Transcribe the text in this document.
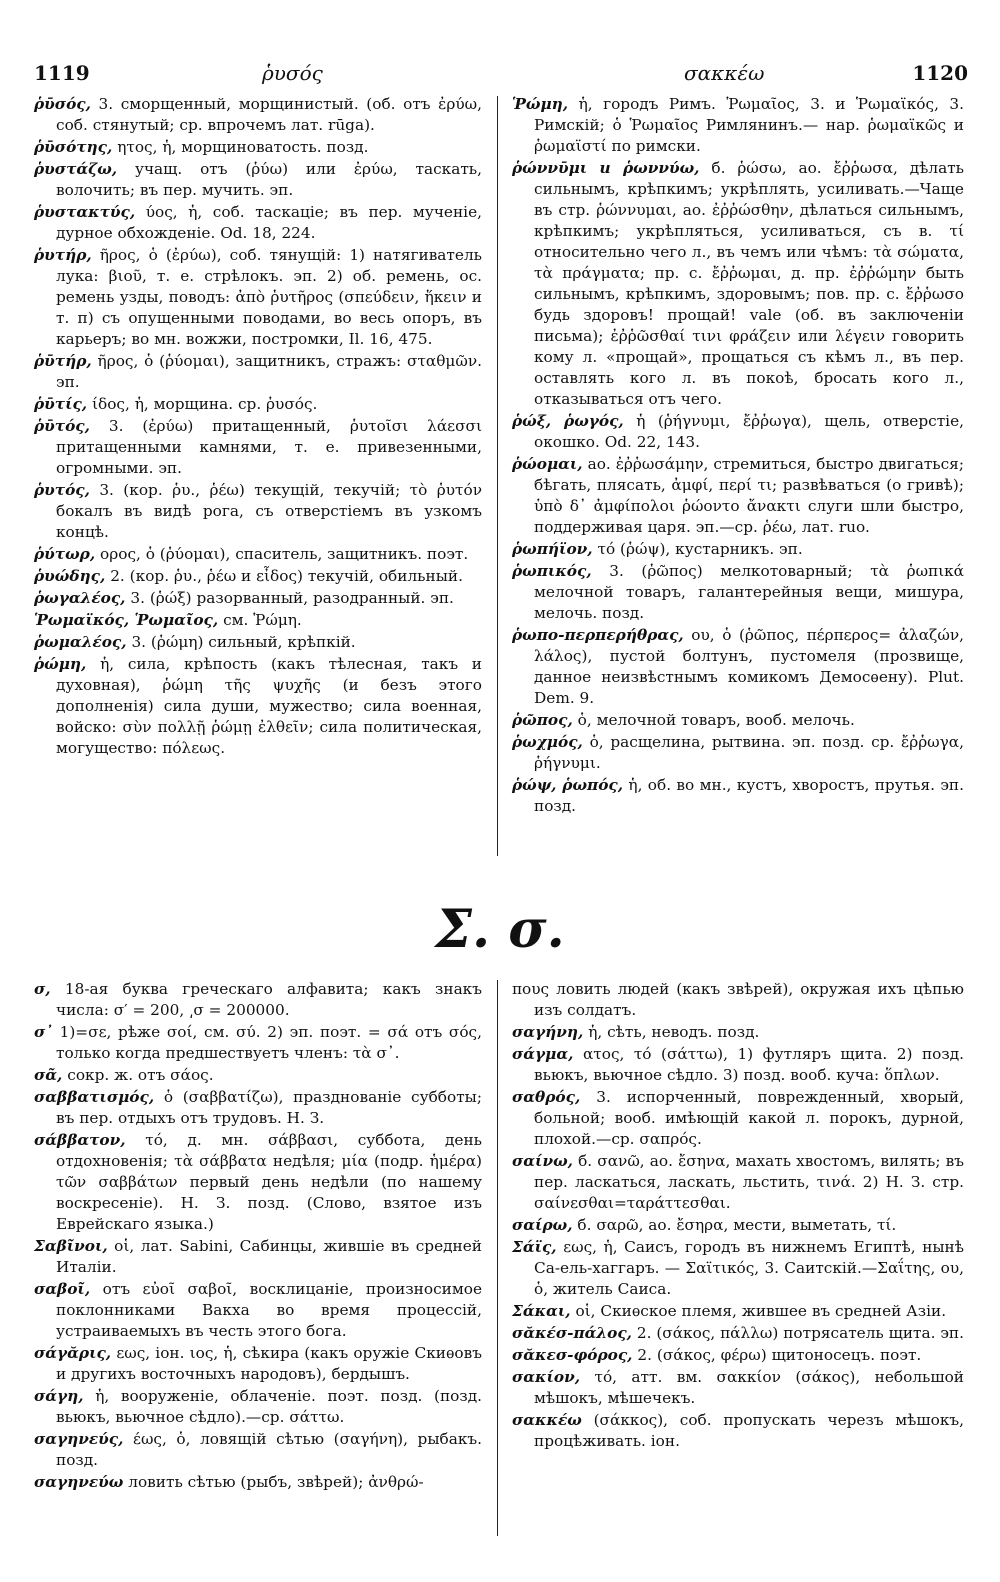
1119	ῥυσός	σακκέω	1120

ῥῡσός, 3. сморщенный, морщинистый. (об. отъ ἐρύω, соб. стянутый; ср. впрочемъ лат. rūga).

ῥῡσότης, ητος, ἡ, морщиноватость. позд.

ῥυστάζω, учащ. отъ (ῥύω) или ἐρύω, таскать, волочить; въ пер. мучить. эп.

ῥυστακτύς, ύος, ἡ, соб. таскаціе; въ пер. мученіе, дурное обхожденіе. Od. 18, 224.

ῥυτήρ, ῆρος, ὁ (ἐρύω), соб. тянущій: 1) натягиватель лука: βιοῦ, т. е. стрѣлокъ. эп. 2) об. ремень, ос. ремень узды, поводъ: ἀπὸ ῥυτῆρος (σπεύδειν, ἥκειν и т. п) съ опущенными поводами, во весь опоръ, въ карьеръ; во мн. вожжи, постромки, Il. 16, 475.

ῥῡτήρ, ῆρος, ὁ (ῥύομαι), защитникъ, стражъ: σταθμῶν. эп.

ῥῡτίς, ίδος, ἡ, морщина. ср. ῥυσός.

ῥῡτός, 3. (ἐρύω) притащенный, ῥυτοῖσι λάεσσι притащенными камнями, т. е. привезенными, огромными. эп.

ῥυτός, 3. (кор. ῥυ., ῥέω) текущій, текучій; τὸ ῥυτόν бокалъ въ видѣ рога, съ отверстіемъ въ узкомъ концѣ.

ῥύτωρ, ορος, ὁ (ῥύομαι), спаситель, защитникъ. поэт.

ῥυώδης, 2. (кор. ῥυ., ῥέω и εἶδος) текучій, обильный.

ῥωγαλέος, 3. (ῥώξ) разорванный, разодранный. эп.

Ῥωμαϊκός, Ῥωμαῖος, см. Ῥώμη.

ῥωμαλέος, 3. (ῥώμη) сильный, крѣпкій.

ῥώμη, ἡ, сила, крѣпость (какъ тѣлесная, такъ и духовная), ῥώμη τῆς ψυχῆς (и безъ этого дополненія) сила души, мужество; сила военная, войско: σὺν πολλῇ ῥώμῃ ἐλθεῖν; сила политическая, могущество: πόλεως.

Ῥώμη, ἡ, городъ Римъ. Ῥωμαῖος, 3. и Ῥωμαϊκός, 3. Римскій; ὁ Ῥωμαῖος Римлянинъ.— нар. ῥωμαϊκῶς и ῥωμαϊστί по римски.

ῥώννῡμι и ῥωννύω, б. ῥώσω, ао. ἔῤῥωσα, дѣлать сильнымъ, крѣпкимъ; укрѣплять, усиливать.—Чаще въ стр. ῥώννυμαι, ао. ἐῤῥώσθην, дѣлаться сильнымъ, крѣпкимъ; укрѣпляться, усиливаться, съ в. τί относительно чего л., въ чемъ или чѣмъ: τὰ σώματα, τὰ πράγματα; пр. с. ἔῤῥωμαι, д. пр. ἐῤῥώμην быть сильнымъ, крѣпкимъ, здоровымъ; пов. пр. с. ἔῤῥωσο будь здоровъ! прощай! vale (об. въ заключеніи письма); ἐῤῥῶσθαί τινι φράζειν или λέγειν говорить кому л. «прощай», прощаться съ кѣмъ л., въ пер. оставлять кого л. въ покоѣ, бросать кого л., отказываться отъ чего.

ῥώξ, ῥωγός, ἡ (ῥήγνυμι, ἔῤῥωγα), щель, отверстіе, окошко. Od. 22, 143.

ῥώομαι, ао. ἐῤῥωσάμην, стремиться, быстро двигаться; бѣгать, плясать, ἀμφί, περί τι; развѣваться (о гривѣ); ὑπὸ δ᾽ ἀμφίπολοι ῥώοντο ἄνακτι слуги шли быстро, поддерживая царя. эп.—ср. ῥέω, лат. ruo.

ῥωπήϊον, τό (ῥώψ), кустарникъ. эп.

ῥωπικός, 3. (ῥῶπος) мелкотоварный; τὰ ῥωπικά мелочной товаръ, галантерейныя вещи, мишура, мелочь. позд.

ῥωπο-περπερήθρας, ου, ὁ (ῥῶπος, πέρπερος= ἀλαζών, λάλος), пустой болтунъ, пустомеля (прозвище, данное неизвѣстнымъ комикомъ Демосѳену). Plut. Dem. 9.

ῥῶπος, ὁ, мелочной товаръ, вооб. мелочь.

ῥωχμός, ὁ, расщелина, рытвина. эп. позд. ср. ἔῤῥωγα, ῥήγνυμι.

ῥώψ, ῥωπός, ἡ, об. во мн., кустъ, хворостъ, прутья. эп. позд.

Σ. σ.

σ, 18-ая буква греческаго алфавита; какъ знакъ числа: σ′ = 200, ͵σ = 200000.

σ᾽ 1)=σε, рѣже σοί, см. σύ. 2) эп. поэт. = σά отъ σός, только когда предшествуетъ членъ: τὰ σ᾽.

σᾶ, сокр. ж. отъ σάος.

σαββατισμός, ὁ (σαββατίζω), празднованіе субботы; въ пер. отдыхъ отъ трудовъ. Н. З.

σάββατον, τό, д. мн. σάββασι, суббота, день отдохновенія; τὰ σάββατα недѣля; μία (подр. ἡμέρα) τῶν σαββάτων первый день недѣли (по нашему воскресеніе). Н. З. позд. (Слово, взятое изъ Еврейскаго языка.)

Σαβῖνοι, οἱ, лат. Sabini, Сабинцы, жившіе въ средней Италіи.

σαβοῖ, отъ εὐοῖ σαβοῖ, восклицаніе, произносимое поклонниками Вакха во время процессій, устраиваемыхъ въ честь этого бога.

σάγᾰρις, εως, іон. ιος, ἡ, сѣкира (какъ оружіе Скиѳовъ и другихъ восточныхъ народовъ), бердышъ.

σάγη, ἡ, вооруженіе, облаченіе. поэт. позд. (позд. вьюкъ, вьючное сѣдло).—ср. σάττω.

σαγηνεύς, έως, ὁ, ловящій сѣтью (σαγήνη), рыбакъ. позд.

σαγηνεύω ловить сѣтью (рыбъ, звѣрей); ἀνθρώ-

πους ловить людей (какъ звѣрей), окружая ихъ цѣпью изъ солдатъ.

σαγήνη, ἡ, сѣть, неводъ. позд.

σάγμα, ατος, τό (σάττω), 1) футляръ щита. 2) позд. вьюкъ, вьючное сѣдло. 3) позд. вооб. куча: ὅπλων.

σαθρός, 3. испорченный, поврежденный, хворый, больной; вооб. имѣющій какой л. порокъ, дурной, плохой.—ср. σαπρός.

σαίνω, б. σανῶ, ао. ἔσηνα, махать хвостомъ, вилять; въ пер. ласкаться, ласкать, льстить, τινά. 2) Н. З. стр. σαίνεσθαι=ταράττεσθαι.

σαίρω, б. σαρῶ, ао. ἔσηρα, мести, выметать, τί.

Σάϊς, εως, ἡ, Саисъ, городъ въ нижнемъ Египтѣ, нынѣ Са-ель-хаггаръ. — Σαϊτικός, 3. Саитскій.—Σαΐτης, ου, ὁ, житель Саиса.

Σάκαι, οἱ, Скиѳское племя, жившее въ средней Азіи.

σᾰκέσ-πάλος, 2. (σάκος, πάλλω) потрясатель щита. эп.

σᾰκεσ-φόρος, 2. (σάκος, φέρω) щитоносецъ. поэт.

σακίον, τό, атт. вм. σακκίον (σάκος), небольшой мѣшокъ, мѣшечекъ.

σακκέω (σάκκος), соб. пропускать черезъ мѣшокъ, процѣживать. іон.
